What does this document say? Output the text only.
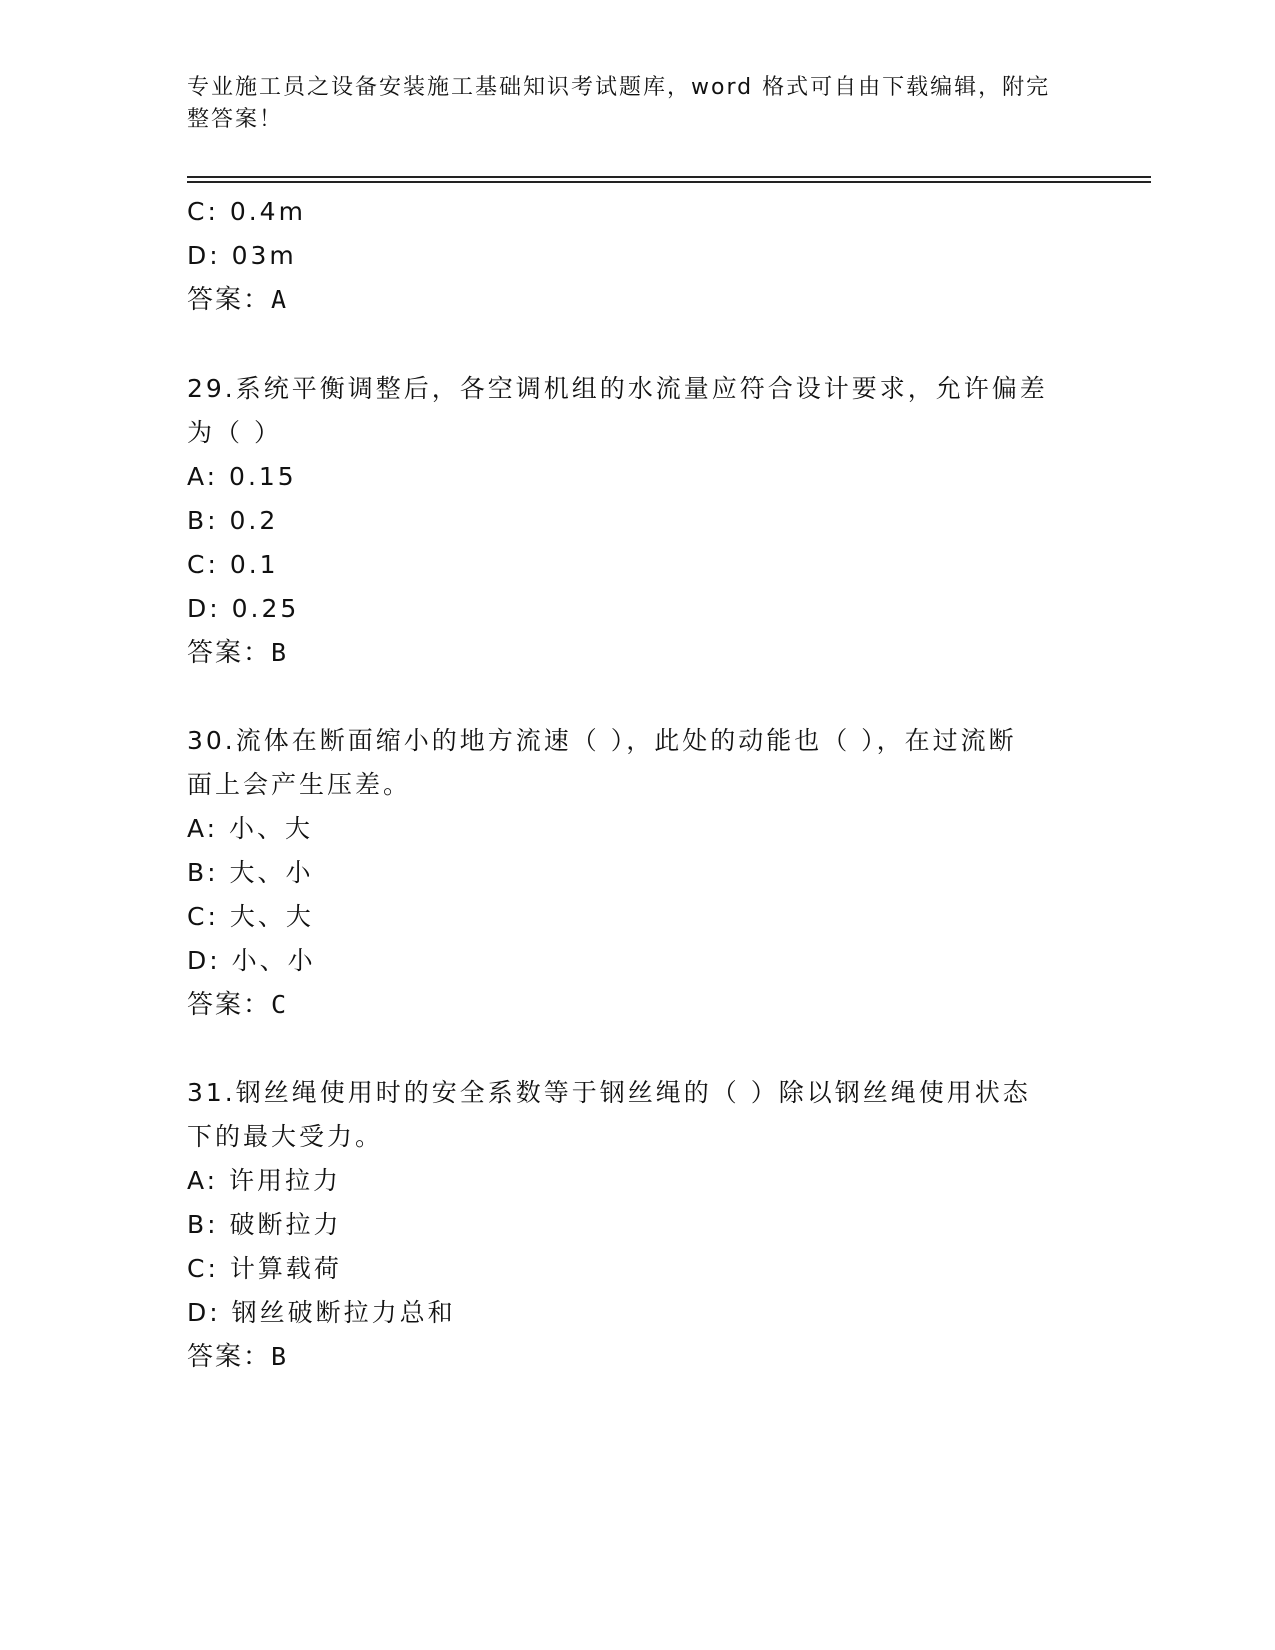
专业施工员之设备安装施工基础知识考试题库，word 格式可自由下载编辑，附完
整答案！
C: 0.4m
D: 03m
答案：A
29.系统平衡调整后，各空调机组的水流量应符合设计要求，允许偏差
为（ ）
A: 0.15
B: 0.2
C: 0.1
D: 0.25
答案：B
30.流体在断面缩小的地方流速（ ），此处的动能也（ ），在过流断
面上会产生压差。
A: 小、大
B: 大、小
C: 大、大
D: 小、小
答案：C
31.钢丝绳使用时的安全系数等于钢丝绳的（ ）除以钢丝绳使用状态
下的最大受力。
A: 许用拉力
B: 破断拉力
C: 计算载荷
D: 钢丝破断拉力总和
答案：B
